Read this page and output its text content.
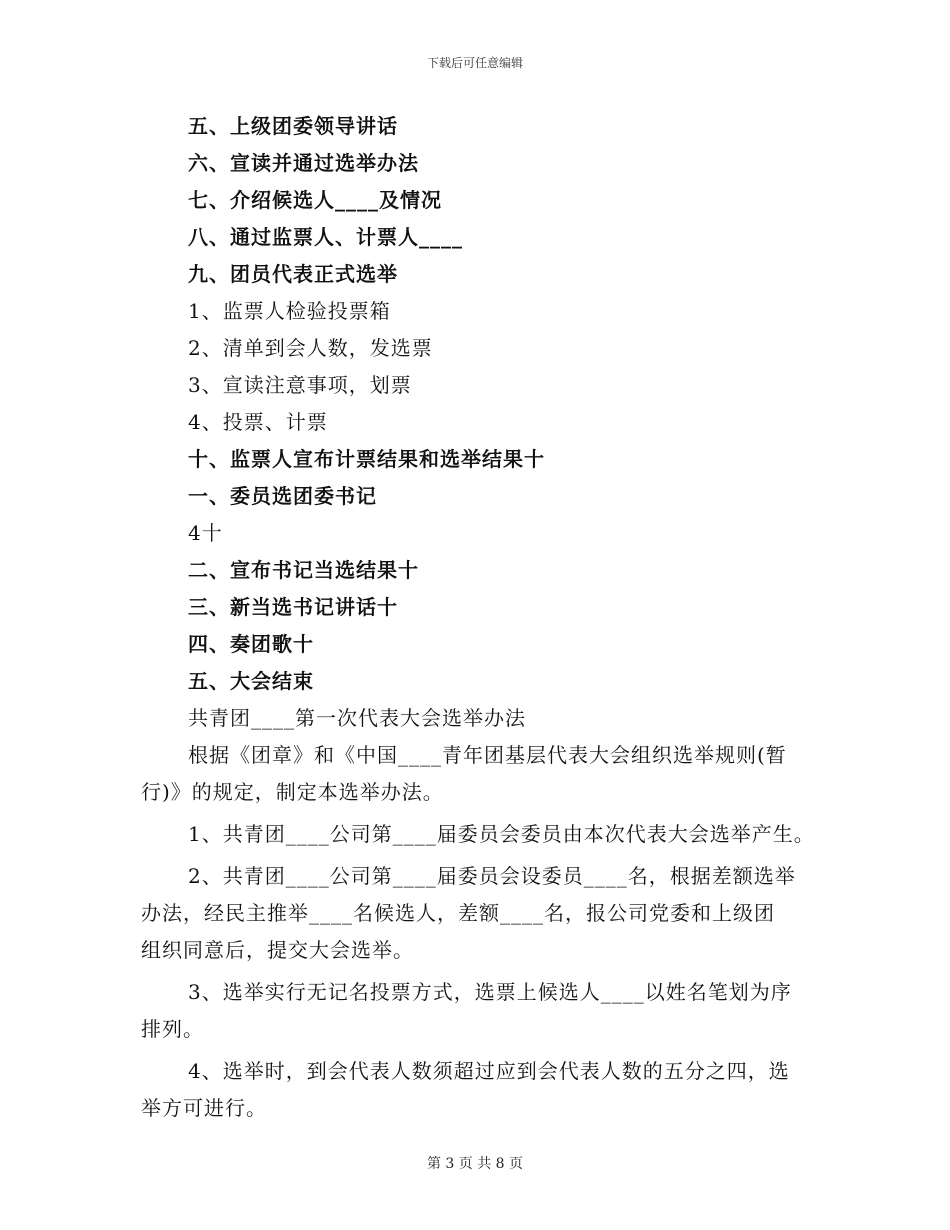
下载后可任意编辑
五、上级团委领导讲话
六、宣读并通过选举办法
七、介绍候选人____及情况
八、通过监票人、计票人____
九、团员代表正式选举
1、监票人检验投票箱
2、清单到会人数，发选票
3、宣读注意事项，划票
4、投票、计票
十、监票人宣布计票结果和选举结果十
一、委员选团委书记
4十
二、宣布书记当选结果十
三、新当选书记讲话十
四、奏团歌十
五、大会结束
共青团____第一次代表大会选举办法
根据《团章》和《中国____青年团基层代表大会组织选举规则(暂
行)》的规定，制定本选举办法。
1、共青团____公司第____届委员会委员由本次代表大会选举产生。
2、共青团____公司第____届委员会设委员____名，根据差额选举
办法，经民主推举____名候选人，差额____名，报公司党委和上级团
组织同意后，提交大会选举。
3、选举实行无记名投票方式，选票上候选人____以姓名笔划为序
排列。
4、选举时，到会代表人数须超过应到会代表人数的五分之四，选
举方可进行。
第 3 页 共 8 页
